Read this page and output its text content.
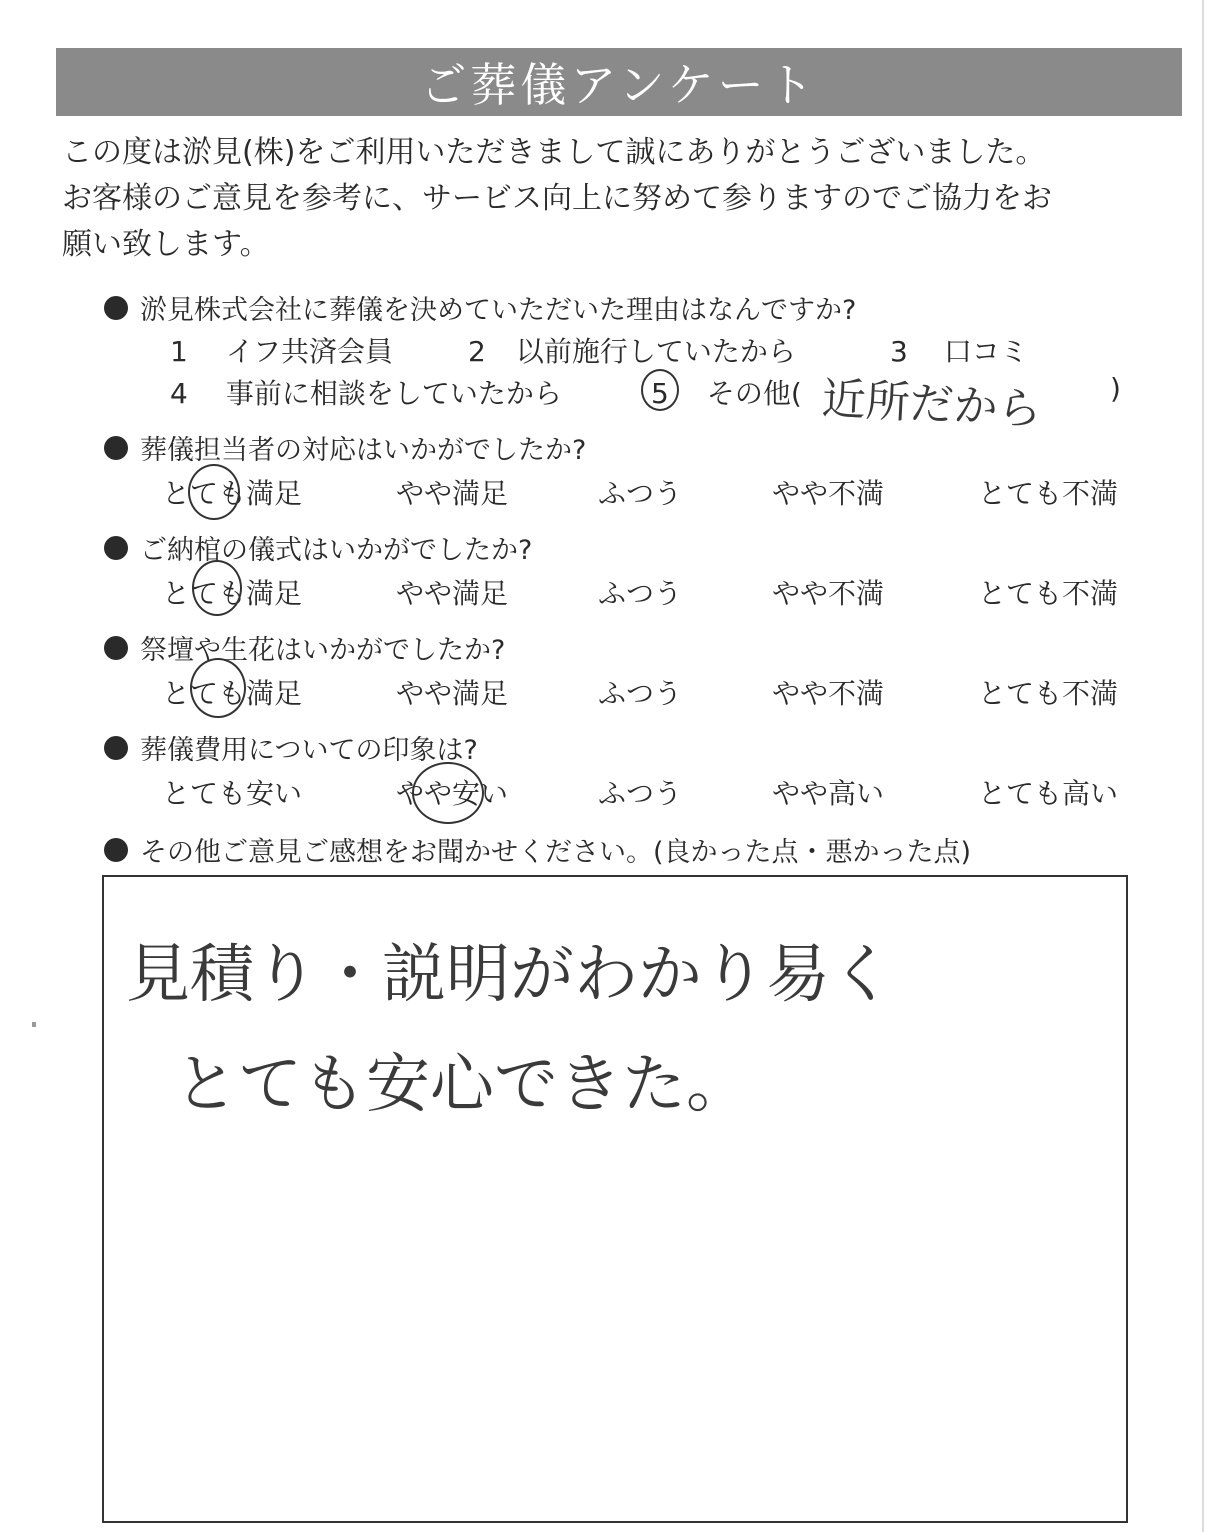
ご葬儀アンケート

この度は淤見(株)をご利用いただきまして誠にありがとうございました。
お客様のご意見を参考に、サービス向上に努めて参りますのでご協力をお
願い致します。

淤見株式会社に葬儀を決めていただいた理由はなんですか?
1 イフ共済会員	2 以前施行していたから	3 口コミ
4 事前に相談をしていたから	5 その他( 近所だから )
葬儀担当者の対応はいかがでしたか?
とても満足	やや満足	ふつう	やや不満	とても不満
ご納棺の儀式はいかがでしたか?
とても満足	やや満足	ふつう	やや不満	とても不満
祭壇や生花はいかがでしたか?
とても満足	やや満足	ふつう	やや不満	とても不満
葬儀費用についての印象は?
とても安い	やや安い	ふつう	やや高い	とても高い
その他ご意見ご感想をお聞かせください。(良かった点・悪かった点)
見積り・説明がわかり易く
とても安心できた。
